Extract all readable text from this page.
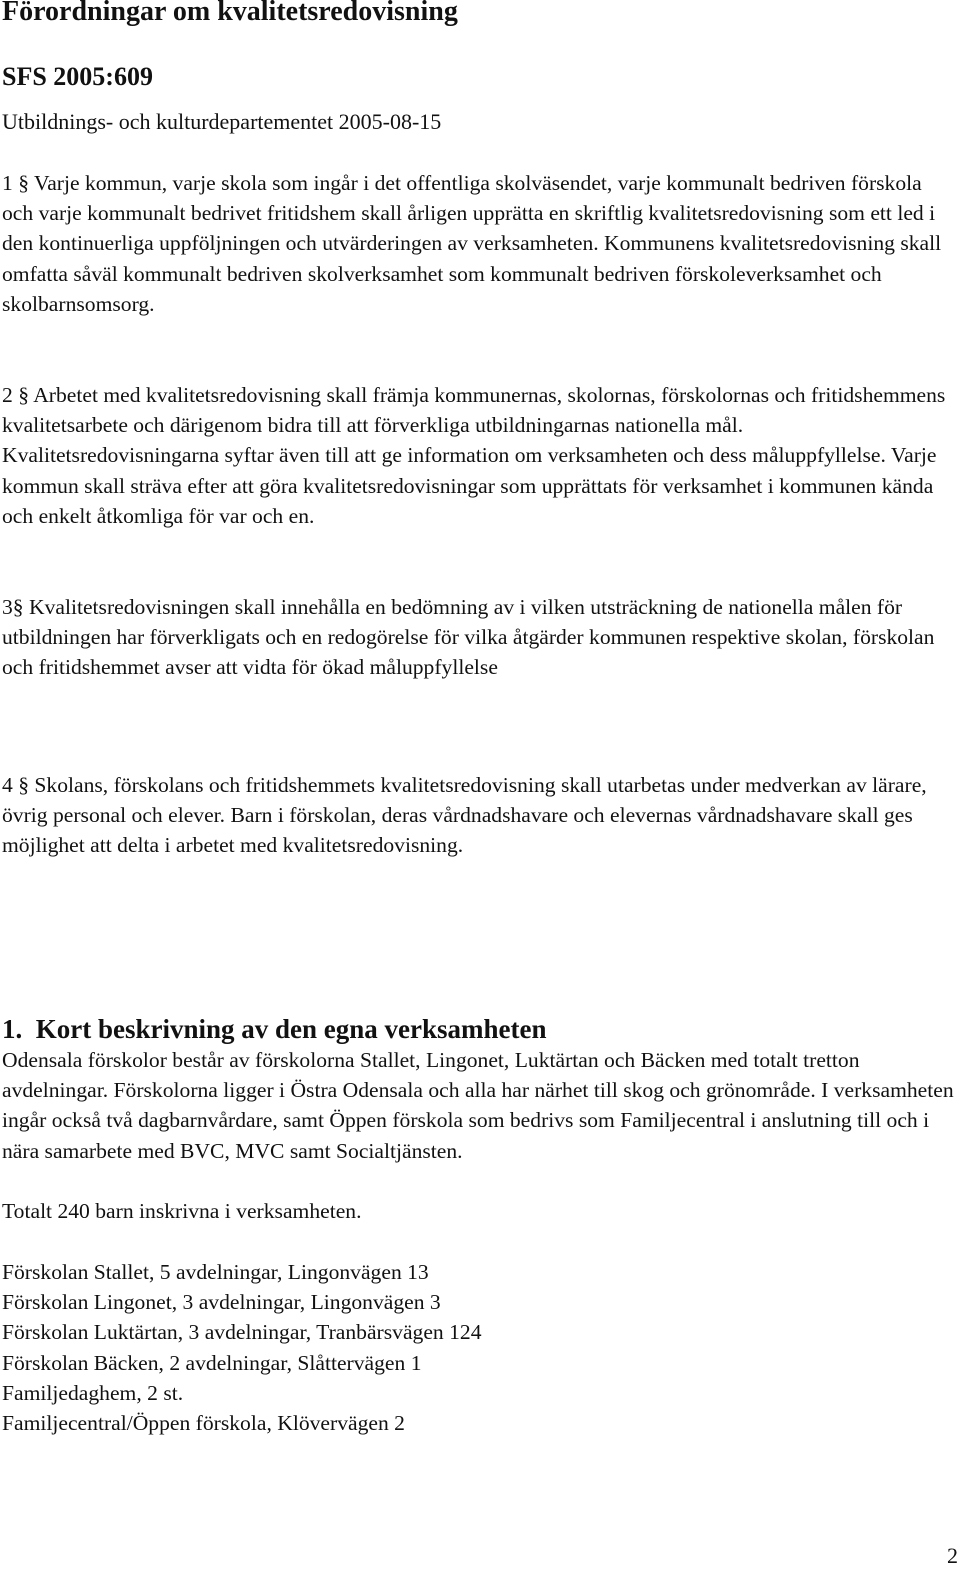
Förordningar om kvalitetsredovisning
SFS 2005:609
Utbildnings- och kulturdepartementet 2005-08-15

1 § Varje kommun, varje skola som ingår i det offentliga skolväsendet, varje kommunalt bedriven förskola och varje kommunalt bedrivet fritidshem skall årligen upprätta en skriftlig kvalitetsredovisning som ett led i den kontinuerliga uppföljningen och utvärderingen av verksamheten. Kommunens kvalitetsredovisning skall omfatta såväl kommunalt bedriven skolverksamhet som kommunalt bedriven förskoleverksamhet och skolbarnsomsorg.

2 § Arbetet med kvalitetsredovisning skall främja kommunernas, skolornas, förskolornas och fritidshemmens kvalitetsarbete och därigenom bidra till att förverkliga utbildningarnas nationella mål. Kvalitetsredovisningarna syftar även till att ge information om verksamheten och dess måluppfyllelse. Varje kommun skall sträva efter att göra kvalitetsredovisningar som upprättats för verksamhet i kommunen kända och enkelt åtkomliga för var och en.

3§ Kvalitetsredovisningen skall innehålla en bedömning av i vilken utsträckning de nationella målen för utbildningen har förverkligats och en redogörelse för vilka åtgärder kommunen respektive skolan, förskolan och fritidshemmet avser att vidta för ökad måluppfyllelse

4 § Skolans, förskolans och fritidshemmets kvalitetsredovisning skall utarbetas under medverkan av lärare, övrig personal och elever. Barn i förskolan, deras vårdnadshavare och elevernas vårdnadshavare skall ges möjlighet att delta i arbetet med kvalitetsredovisning.

1.  Kort beskrivning av den egna verksamheten

Odensala förskolor består av förskolorna Stallet, Lingonet, Luktärtan och Bäcken med totalt tretton avdelningar. Förskolorna ligger i Östra Odensala och alla har närhet till skog och grönområde. I verksamheten ingår också två dagbarnvårdare, samt Öppen förskola som bedrivs som Familjecentral i anslutning till och i nära samarbete med BVC, MVC samt Socialtjänsten.

Totalt 240 barn inskrivna i verksamheten.

Förskolan Stallet, 5 avdelningar, Lingonvägen 13
Förskolan Lingonet, 3 avdelningar, Lingonvägen 3
Förskolan Luktärtan, 3 avdelningar, Tranbärsvägen 124
Förskolan Bäcken, 2 avdelningar, Slåttervägen 1
Familjedaghem, 2 st.
Familjecentral/Öppen förskola, Klövervägen 2
2
